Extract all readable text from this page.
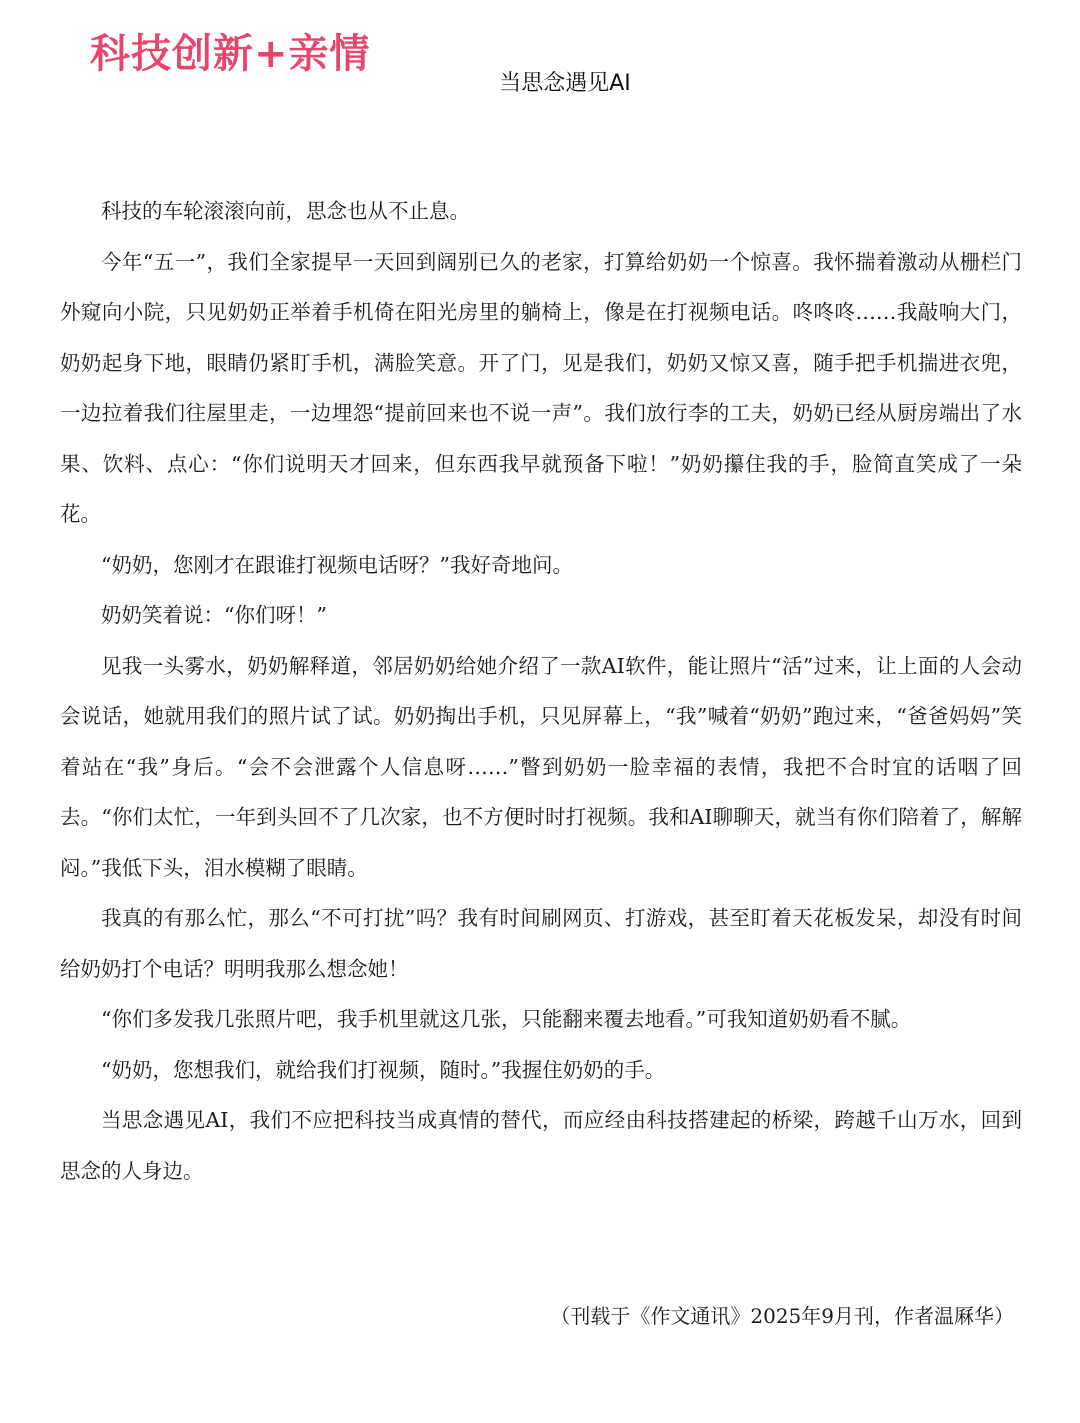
科技创新+亲情
当思念遇见AI

科技的车轮滚滚向前，思念也从不止息。

今年“五一”，我们全家提早一天回到阔别已久的老家，打算给奶奶一个惊喜。我怀揣着激动从栅栏门外窥向小院，只见奶奶正举着手机倚在阳光房里的躺椅上，像是在打视频电话。咚咚咚……我敲响大门，奶奶起身下地，眼睛仍紧盯手机，满脸笑意。开了门，见是我们，奶奶又惊又喜，随手把手机揣进衣兜，一边拉着我们往屋里走，一边埋怨“提前回来也不说一声”。我们放行李的工夫，奶奶已经从厨房端出了水果、饮料、点心：“你们说明天才回来，但东西我早就预备下啦！”奶奶攥住我的手，脸简直笑成了一朵花。

“奶奶，您刚才在跟谁打视频电话呀？”我好奇地问。

奶奶笑着说：“你们呀！”

见我一头雾水，奶奶解释道，邻居奶奶给她介绍了一款AI软件，能让照片“活”过来，让上面的人会动会说话，她就用我们的照片试了试。奶奶掏出手机，只见屏幕上，“我”喊着“奶奶”跑过来，“爸爸妈妈”笑着站在“我”身后。“会不会泄露个人信息呀……”瞥到奶奶一脸幸福的表情，我把不合时宜的话咽了回去。“你们太忙，一年到头回不了几次家，也不方便时时打视频。我和AI聊聊天，就当有你们陪着了，解解闷。”我低下头，泪水模糊了眼睛。

我真的有那么忙，那么“不可打扰”吗？我有时间刷网页、打游戏，甚至盯着天花板发呆，却没有时间给奶奶打个电话？明明我那么想念她！

“你们多发我几张照片吧，我手机里就这几张，只能翻来覆去地看。”可我知道奶奶看不腻。

“奶奶，您想我们，就给我们打视频，随时。”我握住奶奶的手。

当思念遇见AI，我们不应把科技当成真情的替代，而应经由科技搭建起的桥梁，跨越千山万水，回到思念的人身边。

（刊载于《作文通讯》2025年9月刊，作者温厤华）
